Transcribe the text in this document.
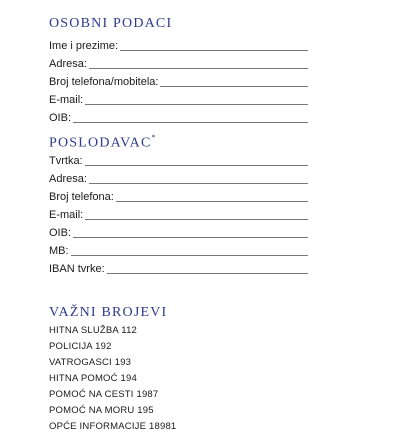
OSOBNI PODACI
Ime i prezime:
Adresa:
Broj telefona/mobitela:
E-mail:
OIB:
POSLODAVAC*
Tvrtka:
Adresa:
Broj telefona:
E-mail:
OIB:
MB:
IBAN tvrke:
VAŽNI BROJEVI
HITNA SLUŽBA 112
POLICIJA 192
VATROGASCI 193
HITNA POMOĆ 194
POMOĆ NA CESTI 1987
POMOĆ NA MORU 195
OPĆE INFORMACIJE 18981
